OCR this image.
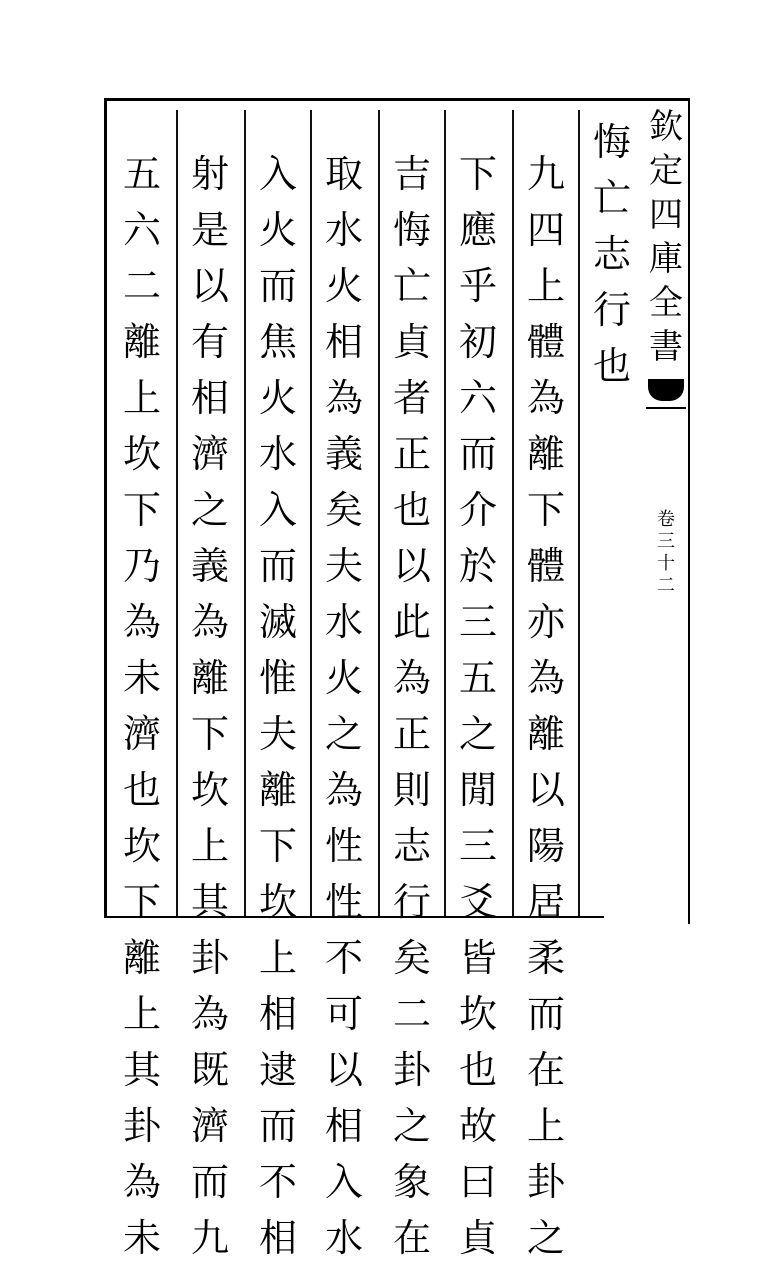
悔
亡
志
行
也
九
四
上
體
為
離
下
體
亦
為
離
以
陽
居
柔
而
在
上
卦
之
下
應
乎
初
六
而
介
於
三
五
之
閒
三
爻
皆
坎
也
故
曰
貞
吉
悔
亡
貞
者
正
也
以
此
為
正
則
志
行
矣
二
卦
之
象
在
取
水
火
相
為
義
矣
夫
水
火
之
為
性
性
不
可
以
相
入
水
入
火
而
焦
火
水
入
而
滅
惟
夫
離
下
坎
上
相
逮
而
不
相
射
是
以
有
相
濟
之
義
為
離
下
坎
上
其
卦
為
既
濟
而
九
五
六
二
離
上
坎
下
乃
為
未
濟
也
坎
下
離
上
其
卦
為
未
欽
定
四
庫
全
書
卷
三
十
二
